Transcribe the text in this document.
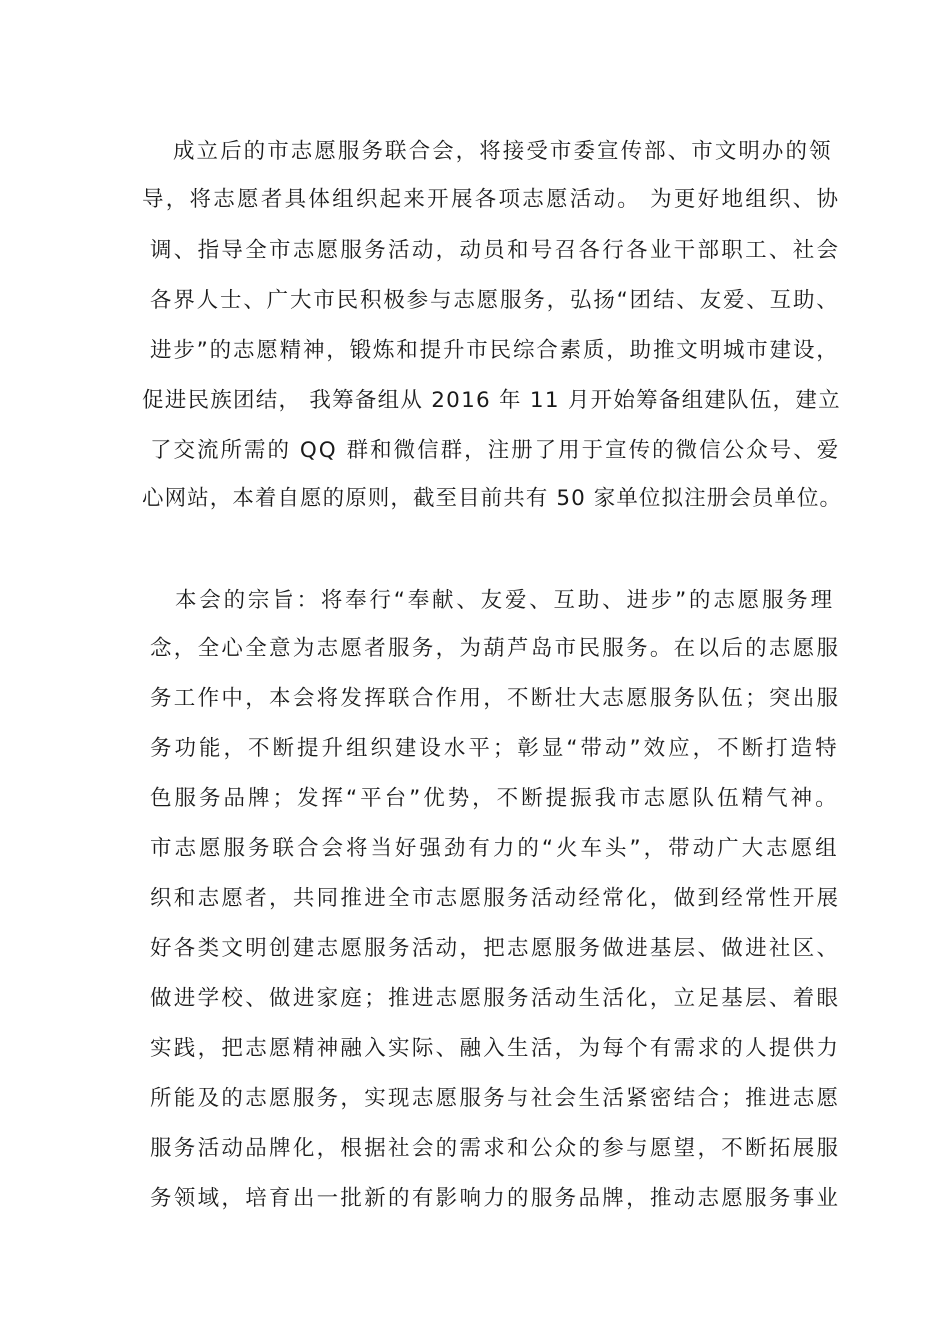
成立后的市志愿服务联合会，将接受市委宣传部、市文明办的领
导，将志愿者具体组织起来开展各项志愿活动。 为更好地组织、协
调、指导全市志愿服务活动，动员和号召各行各业干部职工、社会
各界人士、广大市民积极参与志愿服务，弘扬“团结、友爱、互助、
进步”的志愿精神，锻炼和提升市民综合素质，助推文明城市建设，
促进民族团结， 我筹备组从 2016 年 11 月开始筹备组建队伍，建立
了交流所需的 QQ 群和微信群，注册了用于宣传的微信公众号、爱
心网站，本着自愿的原则，截至目前共有 50 家单位拟注册会员单位。
本会的宗旨：将奉行“奉献、友爱、互助、进步”的志愿服务理
念，全心全意为志愿者服务，为葫芦岛市民服务。在以后的志愿服
务工作中，本会将发挥联合作用，不断壮大志愿服务队伍；突出服
务功能，不断提升组织建设水平；彰显“带动”效应，不断打造特
色服务品牌；发挥“平台”优势，不断提振我市志愿队伍精气神。
市志愿服务联合会将当好强劲有力的“火车头”，带动广大志愿组
织和志愿者，共同推进全市志愿服务活动经常化，做到经常性开展
好各类文明创建志愿服务活动，把志愿服务做进基层、做进社区、
做进学校、做进家庭；推进志愿服务活动生活化，立足基层、着眼
实践，把志愿精神融入实际、融入生活，为每个有需求的人提供力
所能及的志愿服务，实现志愿服务与社会生活紧密结合；推进志愿
服务活动品牌化，根据社会的需求和公众的参与愿望，不断拓展服
务领域，培育出一批新的有影响力的服务品牌，推动志愿服务事业
